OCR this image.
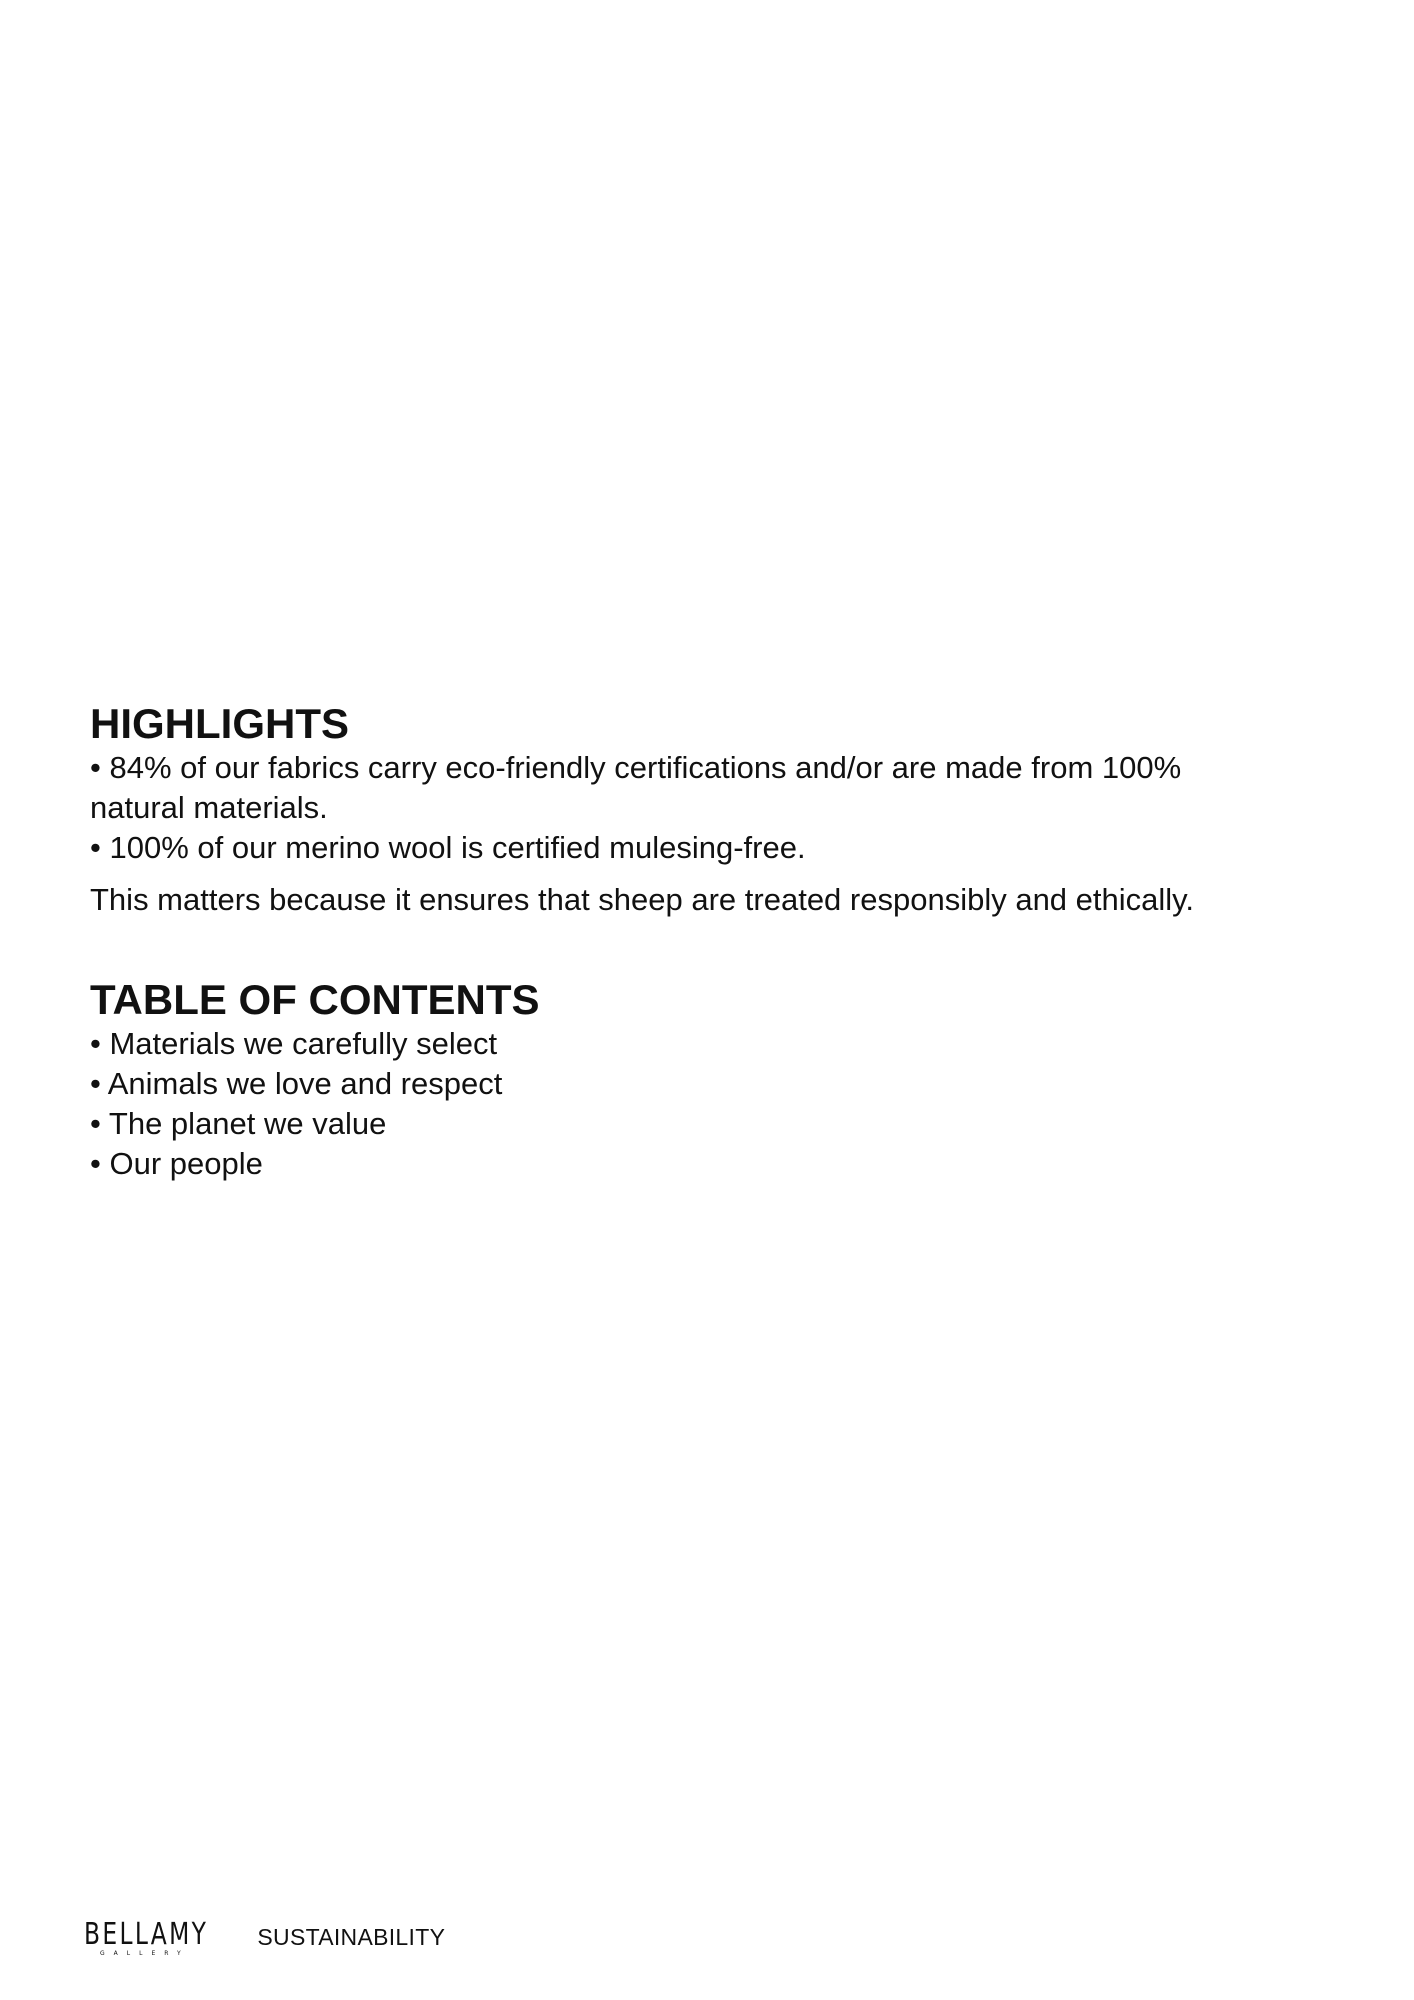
HIGHLIGHTS

• 84% of our fabrics carry eco-friendly certifications and/or are made from 100%

natural materials.

• 100% of our merino wool is certified mulesing-free.

This matters because it ensures that sheep are treated responsibly and ethically.

TABLE OF CONTENTS

• Materials we carefully select

• Animals we love and respect

• The planet we value

• Our people

BELLAMY
GALLERY
SUSTAINABILITY
